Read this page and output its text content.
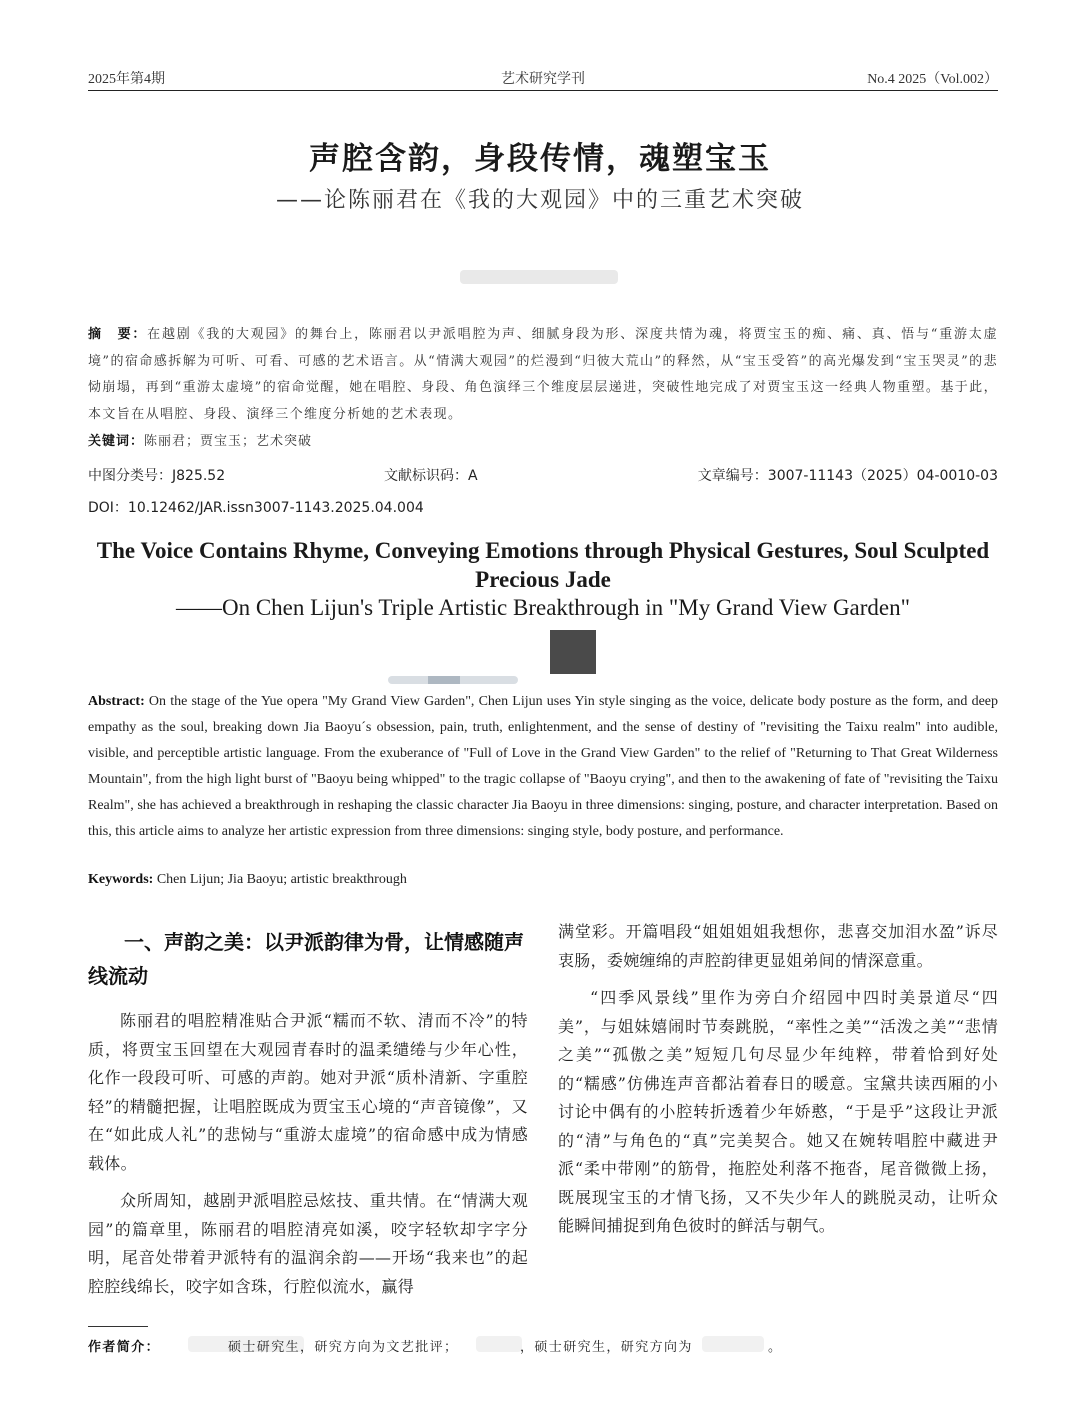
2025年第4期	艺术研究学刊	No.4 2025（Vol.002）
声腔含韵，身段传情，魂塑宝玉
——论陈丽君在《我的大观园》中的三重艺术突破
摘　要：在越剧《我的大观园》的舞台上，陈丽君以尹派唱腔为声、细腻身段为形、深度共情为魂，将贾宝玉的痴、痛、真、悟与“重游太虚境”的宿命感拆解为可听、可看、可感的艺术语言。从“情满大观园”的烂漫到“归彼大荒山”的释然，从“宝玉受笞”的高光爆发到“宝玉哭灵”的悲恸崩塌，再到“重游太虚境”的宿命觉醒，她在唱腔、身段、角色演绎三个维度层层递进，突破性地完成了对贾宝玉这一经典人物重塑。基于此，本文旨在从唱腔、身段、演绎三个维度分析她的艺术表现。
关键词：陈丽君；贾宝玉；艺术突破
中图分类号：J825.52	文献标识码：A	文章编号：3007-11143（2025）04-0010-03
DOI：10.12462/JAR.issn3007-1143.2025.04.004
The Voice Contains Rhyme, Conveying Emotions through Physical Gestures, Soul Sculpted Precious Jade
——On Chen Lijun's Triple Artistic Breakthrough in "My Grand View Garden"
Abstract: On the stage of the Yue opera "My Grand View Garden", Chen Lijun uses Yin style singing as the voice, delicate body posture as the form, and deep empathy as the soul, breaking down Jia Baoyu´s obsession, pain, truth, enlightenment, and the sense of destiny of "revisiting the Taixu realm" into audible, visible, and perceptible artistic language. From the exuberance of "Full of Love in the Grand View Garden" to the relief of "Returning to That Great Wilderness Mountain", from the high light burst of "Baoyu being whipped" to the tragic collapse of "Baoyu crying", and then to the awakening of fate of "revisiting the Taixu Realm", she has achieved a breakthrough in reshaping the classic character Jia Baoyu in three dimensions: singing, posture, and character interpretation. Based on this, this article aims to analyze her artistic expression from three dimensions: singing style, body posture, and performance.
Keywords: Chen Lijun; Jia Baoyu; artistic breakthrough
一、声韵之美：以尹派韵律为骨，让情感随声线流动

陈丽君的唱腔精准贴合尹派“糯而不软、清而不冷”的特质，将贾宝玉回望在大观园青春时的温柔缱绻与少年心性，化作一段段可听、可感的声韵。她对尹派“质朴清新、字重腔轻”的精髓把握，让唱腔既成为贾宝玉心境的“声音镜像”，又在“如此成人礼”的悲恸与“重游太虚境”的宿命感中成为情感载体。

众所周知，越剧尹派唱腔忌炫技、重共情。在“情满大观园”的篇章里，陈丽君的唱腔清亮如溪，咬字轻软却字字分明，尾音处带着尹派特有的温润余韵——开场“我来也”的起腔腔线绵长，咬字如含珠，行腔似流水，赢得

满堂彩。开篇唱段“姐姐姐姐我想你，悲喜交加泪水盈”诉尽衷肠，委婉缠绵的声腔韵律更显姐弟间的情深意重。

“四季风景线”里作为旁白介绍园中四时美景道尽“四美”，与姐妹嬉闹时节奏跳脱，“率性之美”“活泼之美”“悲情之美”“孤傲之美”短短几句尽显少年纯粹，带着恰到好处的“糯感”仿佛连声音都沾着春日的暖意。宝黛共读西厢的小讨论中偶有的小腔转折透着少年娇憨，“于是乎”这段让尹派的“清”与角色的“真”完美契合。她又在婉转唱腔中藏进尹派“柔中带刚”的筋骨，拖腔处利落不拖沓，尾音微微上扬，既展现宝玉的才情飞扬，又不失少年人的跳脱灵动，让听众能瞬间捕捉到角色彼时的鲜活与朝气。

作者简介：	硕士研究生，研究方向为文艺批评；	，硕士研究生，研究方向为	。
